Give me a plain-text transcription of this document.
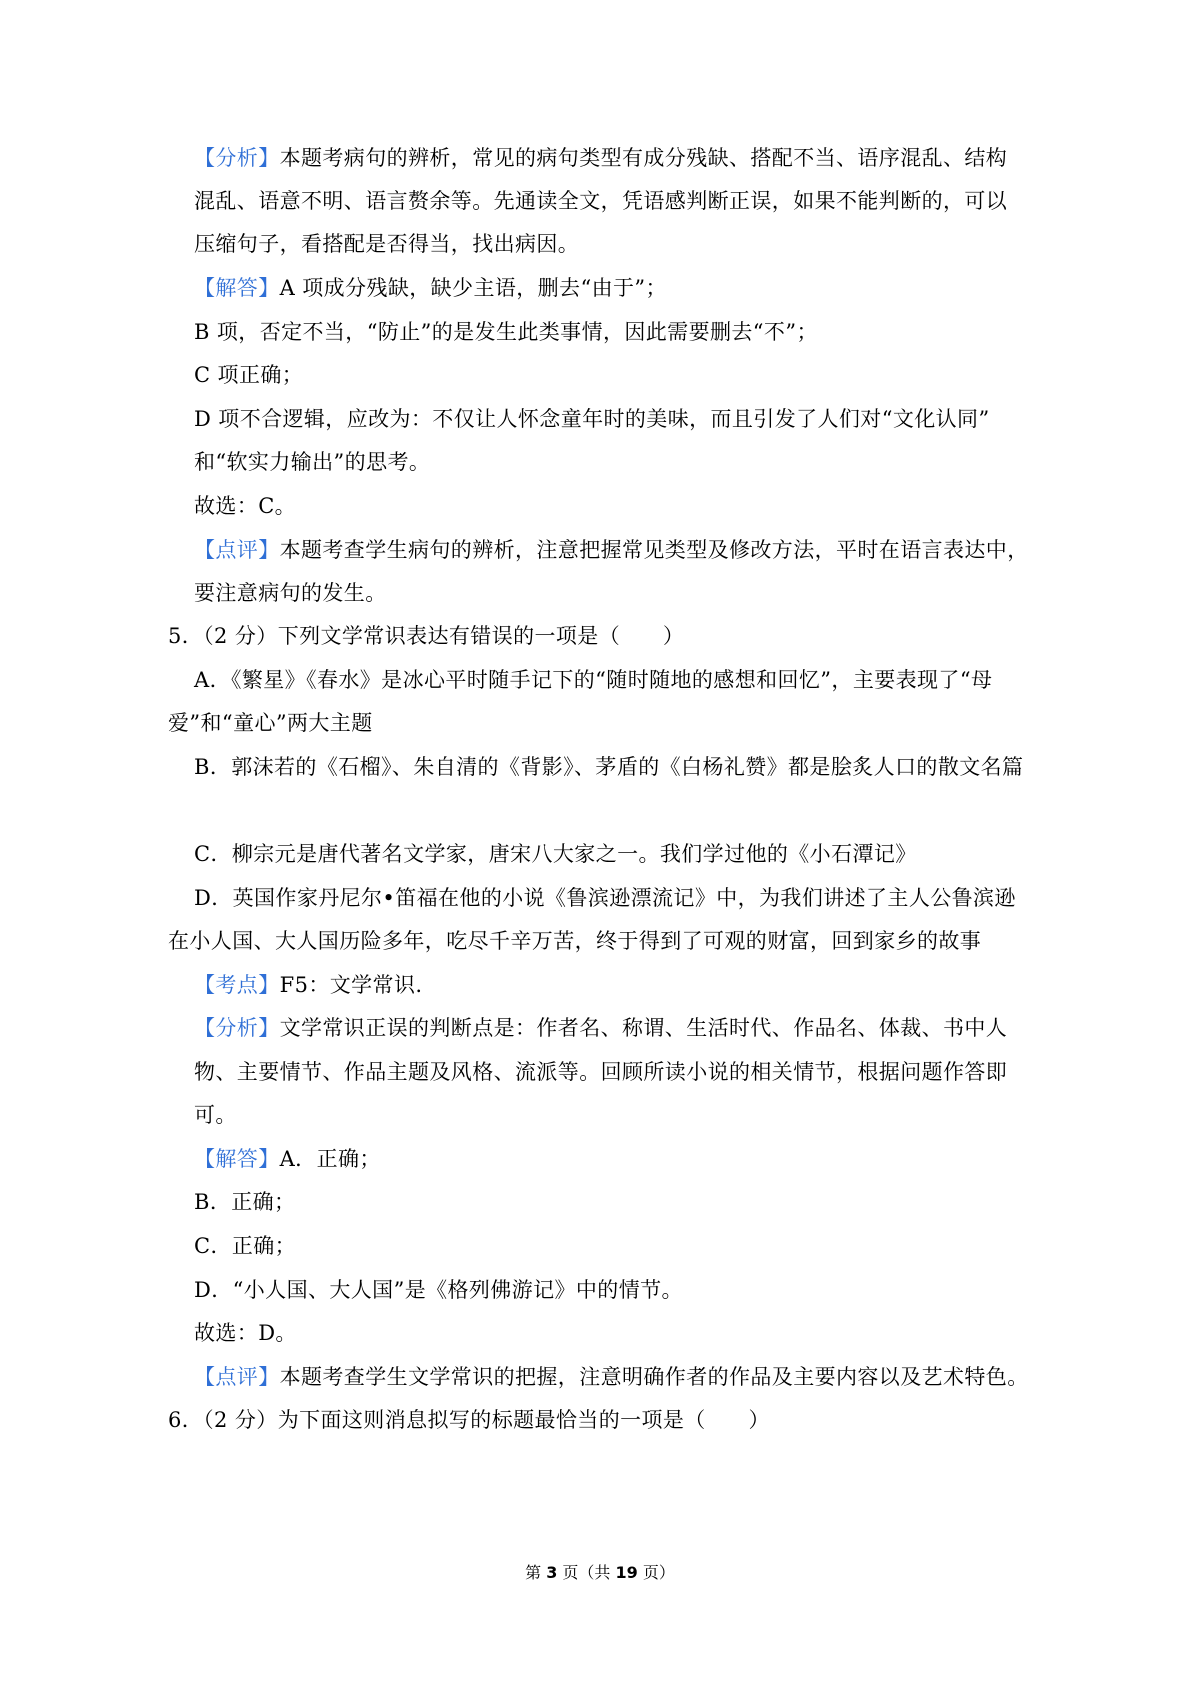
【分析】本题考病句的辨析，常见的病句类型有成分残缺、搭配不当、语序混乱、结构
混乱、语意不明、语言赘余等。先通读全文，凭语感判断正误，如果不能判断的，可以
压缩句子，看搭配是否得当，找出病因。
【解答】A 项成分残缺，缺少主语，删去“由于”；
B 项，否定不当，“防止”的是发生此类事情，因此需要删去“不”；
C 项正确；
D 项不合逻辑，应改为：不仅让人怀念童年时的美味，而且引发了人们对“文化认同”
和“软实力输出”的思考。
故选：C。
【点评】本题考查学生病句的辨析，注意把握常见类型及修改方法，平时在语言表达中，
要注意病句的发生。
5．（2 分）下列文学常识表达有错误的一项是（　　）
A．《繁星》《春水》是冰心平时随手记下的“随时随地的感想和回忆”，主要表现了“母
爱”和“童心”两大主题
B．郭沫若的《石榴》、朱自清的《背影》、茅盾的《白杨礼赞》都是脍炙人口的散文名篇
C．柳宗元是唐代著名文学家，唐宋八大家之一。我们学过他的《小石潭记》
D．英国作家丹尼尔•笛福在他的小说《鲁滨逊漂流记》中，为我们讲述了主人公鲁滨逊
在小人国、大人国历险多年，吃尽千辛万苦，终于得到了可观的财富，回到家乡的故事
【考点】F5：文学常识.
【分析】文学常识正误的判断点是：作者名、称谓、生活时代、作品名、体裁、书中人
物、主要情节、作品主题及风格、流派等。回顾所读小说的相关情节，根据问题作答即
可。
【解答】A．正确；
B．正确；
C．正确；
D．“小人国、大人国”是《格列佛游记》中的情节。
故选：D。
【点评】本题考查学生文学常识的把握，注意明确作者的作品及主要内容以及艺术特色。
6．（2 分）为下面这则消息拟写的标题最恰当的一项是（　　）
第 3 页（共 19 页）
